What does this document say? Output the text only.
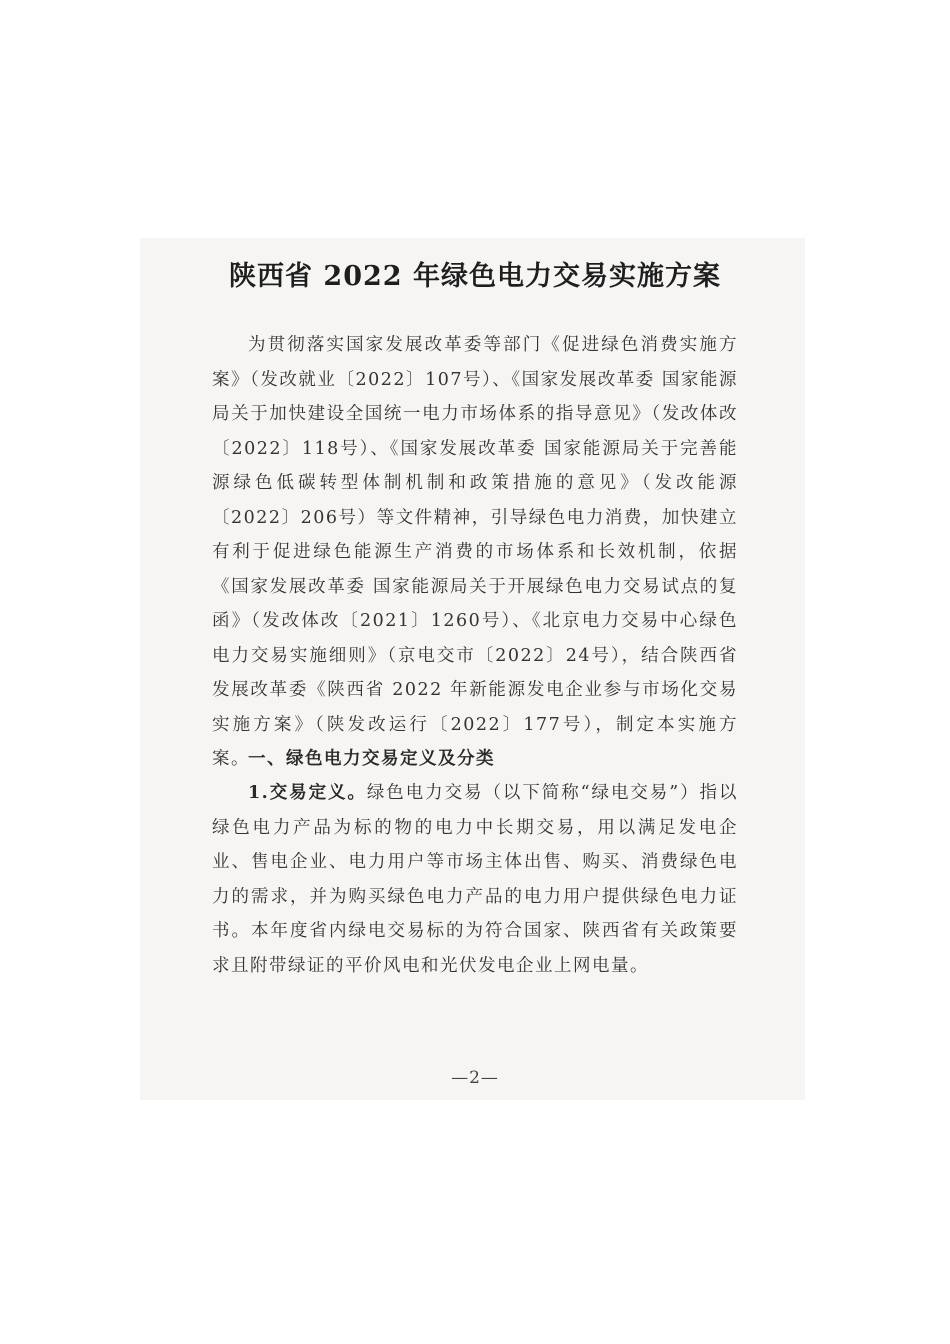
陕西省 2022 年绿色电力交易实施方案

为贯彻落实国家发展改革委等部门《促进绿色消费实施方案》（发改就业〔2022〕107号）、《国家发展改革委 国家能源局关于加快建设全国统一电力市场体系的指导意见》（发改体改〔2022〕118号）、《国家发展改革委 国家能源局关于完善能源绿色低碳转型体制机制和政策措施的意见》（发改能源〔2022〕206号）等文件精神，引导绿色电力消费，加快建立有利于促进绿色能源生产消费的市场体系和长效机制，依据《国家发展改革委 国家能源局关于开展绿色电力交易试点的复函》（发改体改〔2021〕1260号）、《北京电力交易中心绿色电力交易实施细则》（京电交市〔2022〕24号），结合陕西省发展改革委《陕西省 2022 年新能源发电企业参与市场化交易实施方案》（陕发改运行〔2022〕177号），制定本实施方案。

一、绿色电力交易定义及分类

1.交易定义。绿色电力交易（以下简称“绿电交易”）指以绿色电力产品为标的物的电力中长期交易，用以满足发电企业、售电企业、电力用户等市场主体出售、购买、消费绿色电力的需求，并为购买绿色电力产品的电力用户提供绿色电力证书。本年度省内绿电交易标的为符合国家、陕西省有关政策要求且附带绿证的平价风电和光伏发电企业上网电量。

—2—
